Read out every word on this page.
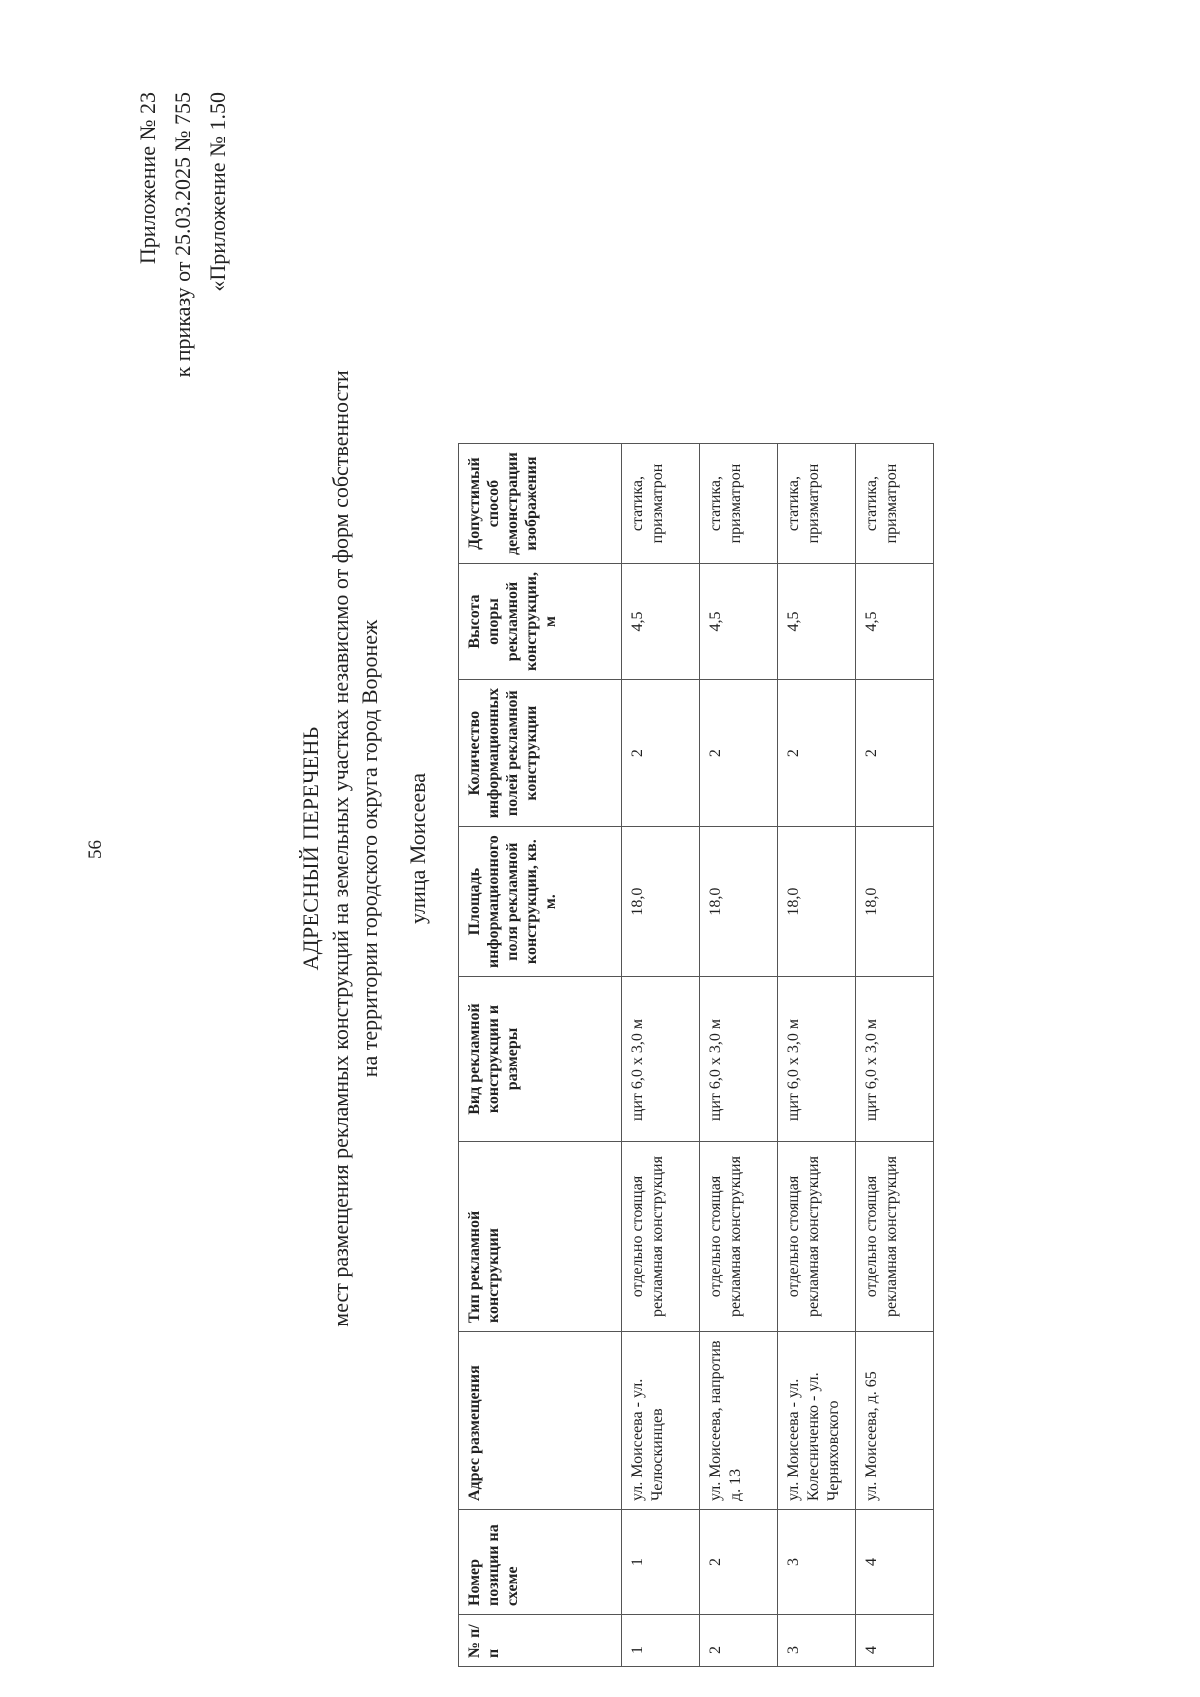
56
Приложение № 23 к приказу от 25.03.2025 № 755 «Приложение № 1.50
АДРЕСНЫЙ ПЕРЕЧЕНЬ мест размещения рекламных конструкций на земельных участках независимо от форм собственности на территории городского округа город Воронеж улица Моисеева
№ п/п	Номер позиции на схеме	Адрес размещения	Тип рекламной конструкции	Вид рекламной конструкции и размеры	Площадь информационного поля рекламной конструкции, кв. м.	Количество информационных полей рекламной конструкции	Высота опоры рекламной конструкции, м	Допустимый способ демонстрации изображения
1	1	ул. Моисеева - ул. Челюскинцев	отдельно стоящая рекламная конструкция	щит 6,0 х 3,0 м	18,0	2	4,5	статика, призматрон
2	2	ул. Моисеева, напротив д. 13	отдельно стоящая рекламная конструкция	щит 6,0 х 3,0 м	18,0	2	4,5	статика, призматрон
3	3	ул. Моисеева - ул. Колесниченко - ул. Черняховского	отдельно стоящая рекламная конструкция	щит 6,0 х 3,0 м	18,0	2	4,5	статика, призматрон
4	4	ул. Моисеева, д. 65	отдельно стоящая рекламная конструкция	щит 6,0 х 3,0 м	18,0	2	4,5	статика, призматрон
